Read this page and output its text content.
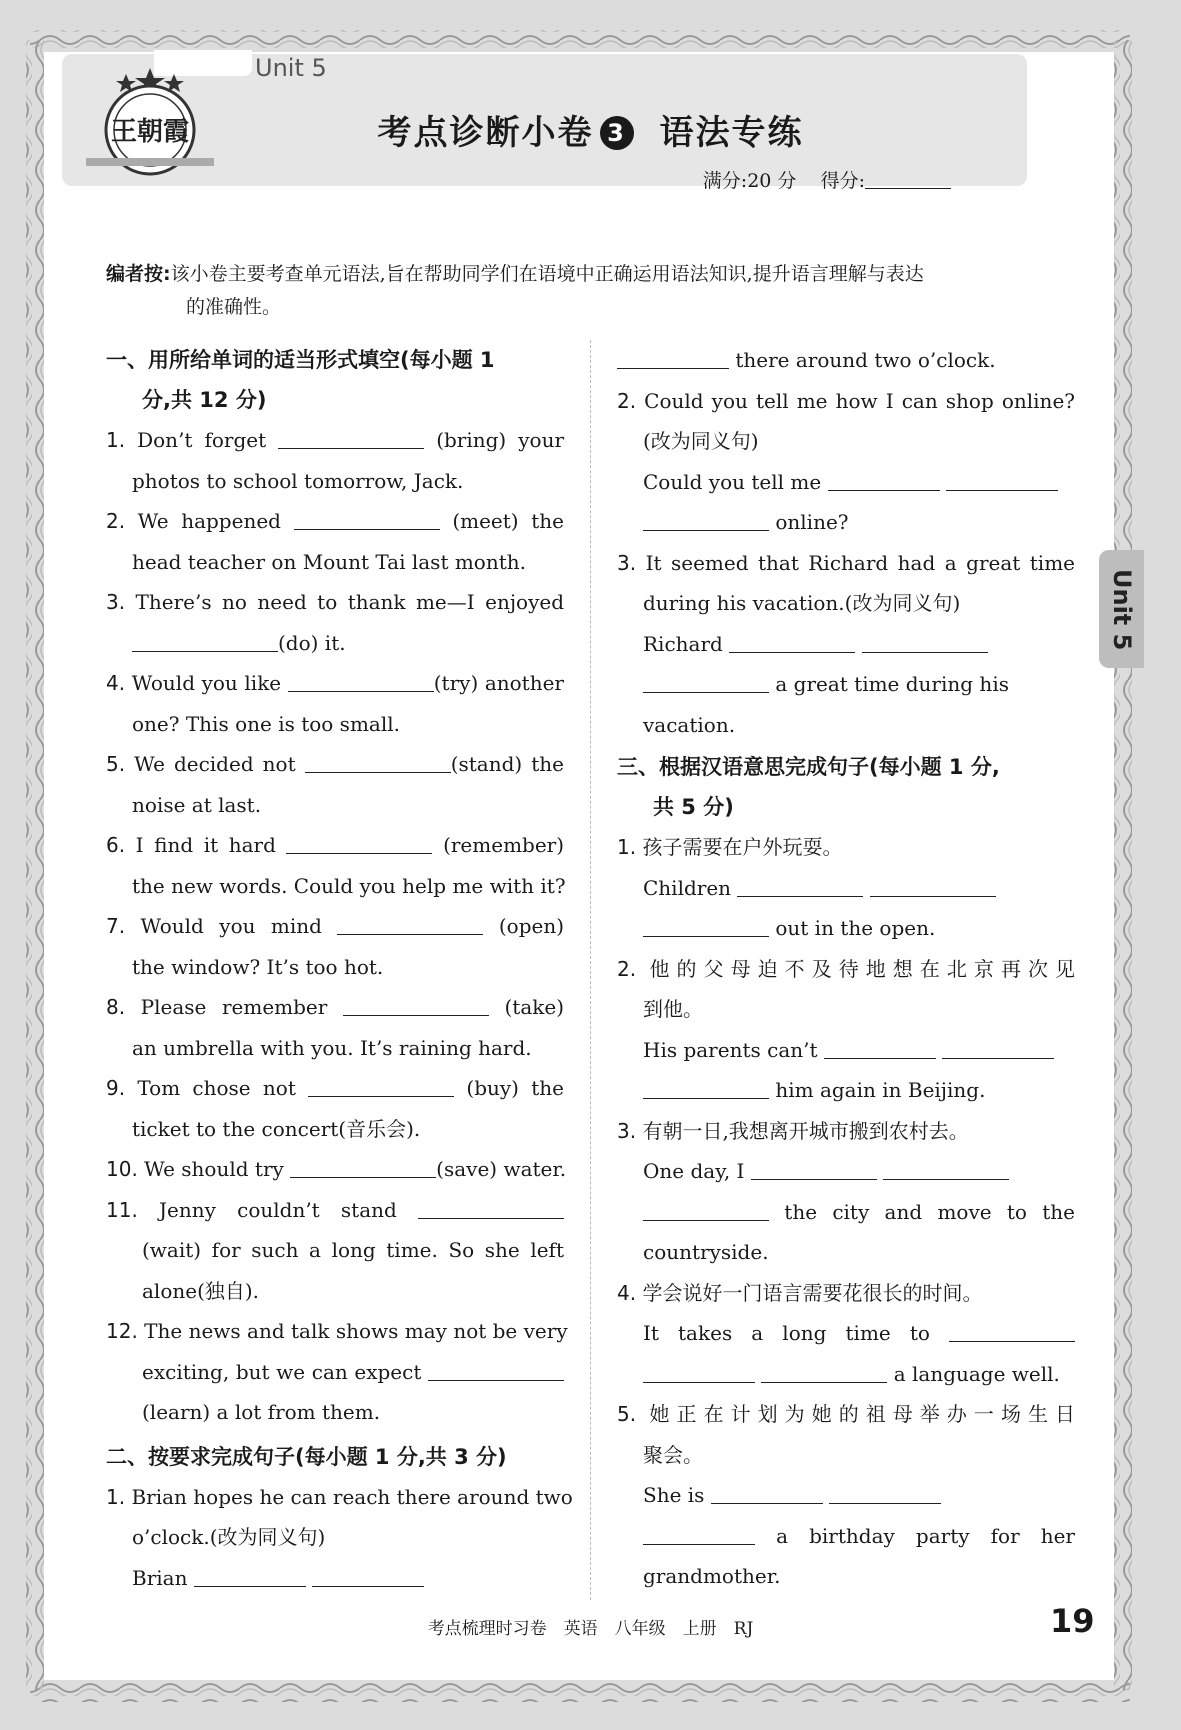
Unit 5
王朝霞	考点诊断小卷 3 语法专练
满分:20 分 得分:
编者按:该小卷主要考查单元语法,旨在帮助同学们在语境中正确运用语法知识,提升语言理解与表达
的准确性。
一、用所给单词的适当形式填空(每小题 1
分,共 12 分)
1. Don’t forget	(bring) your
photos to school tomorrow, Jack.
2. We happened	(meet) the
head teacher on Mount Tai last month.
3. There’s no need to thank me—I enjoyed
(do) it.
4. Would you like	(try) another
one? This one is too small.
5. We decided not	(stand) the
noise at last.
6. I find it hard	(remember)
the new words. Could you help me with it?
7. Would you mind	(open)
the window? It’s too hot.
8. Please remember	(take)
an umbrella with you. It’s raining hard.
9. Tom chose not	(buy) the
ticket to the concert(音乐会).
10. We should try	(save) water.
11. Jenny couldn’t stand
(wait) for such a long time. So she left
alone(独自).
12. The news and talk shows may not be very
exciting, but we can expect
(learn) a lot from them.
二、按要求完成句子(每小题 1 分,共 3 分)
1. Brian hopes he can reach there around two
o’clock.(改为同义句)
Brian
there around two o’clock.
2. Could you tell me how I can shop online?
(改为同义句)
Could you tell me
online?
3. It seemed that Richard had a great time
during his vacation.(改为同义句)
Richard
a great time during his
vacation.
三、根据汉语意思完成句子(每小题 1 分,
共 5 分)
1. 孩子需要在户外玩耍。
Children
out in the open.
2. 他的父母迫不及待地想在北京再次见
到他。
His parents can’t
him again in Beijing.
3. 有朝一日,我想离开城市搬到农村去。
One day, I
the city and move to the
countryside.
4. 学会说好一门语言需要花很长的时间。
It takes a long time to
a language well.
5. 她正在计划为她的祖母举办一场生日
聚会。
She is
a birthday party for her
grandmother.
Unit 5
考点梳理时习卷　英语　八年级　上册　RJ	19
